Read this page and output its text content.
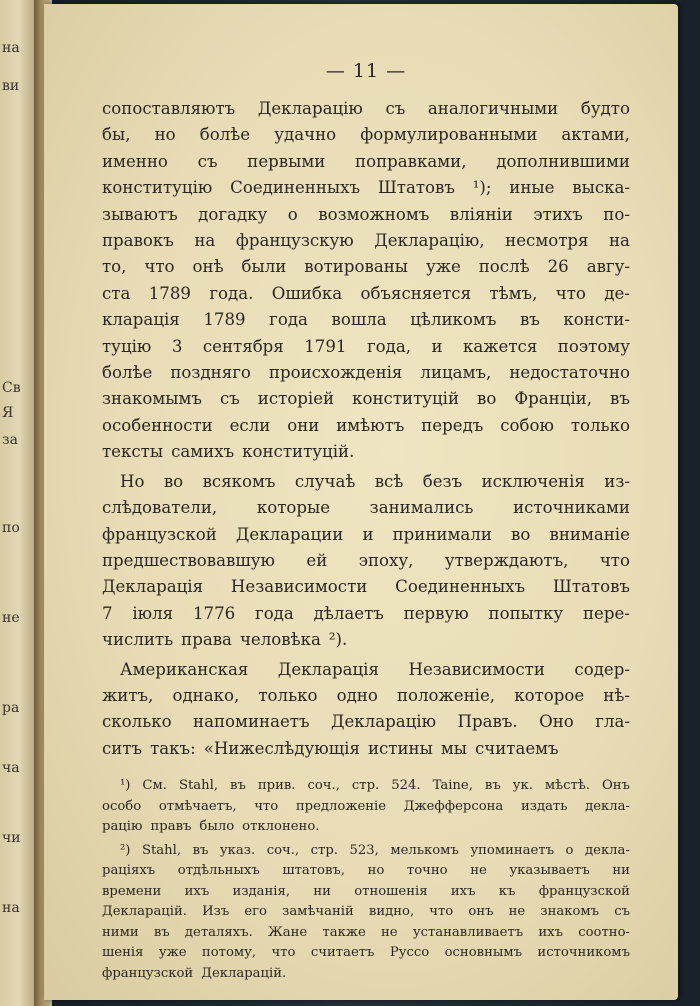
на
ви
Св
Я
за
по
не
ра
ча
чи
на
— 11 —
сопоставляютъ Декларацію съ аналогичными будто
бы, но болѣе удачно формулированными актами,
именно съ первыми поправками, дополнившими
конституцію Соединенныхъ Штатовъ ¹); иные выска-
зываютъ догадку о возможномъ вліяніи этихъ по-
правокъ на французскую Декларацію, несмотря на
то, что онѣ были вотированы уже послѣ 26 авгу-
ста 1789 года. Ошибка объясняется тѣмъ, что де-
кларація 1789 года вошла цѣликомъ въ консти-
туцію 3 сентября 1791 года, и кажется поэтому
болѣе поздняго происхожденія лицамъ, недостаточно
знакомымъ съ исторіей конституцій во Франціи, въ
особенности если они имѣютъ передъ собою только
тексты самихъ конституцій.
Но во всякомъ случаѣ всѣ безъ исключенія из-
слѣдователи, которые занимались источниками
французской Декларации и принимали во вниманіе
предшествовавшую ей эпоху, утверждаютъ, что
Декларація Независимости Соединенныхъ Штатовъ
7 іюля 1776 года дѣлаетъ первую попытку пере-
числить права человѣка ²).
Американская Декларація Независимости содер-
житъ, однако, только одно положеніе, которое нѣ-
сколько напоминаетъ Декларацію Правъ. Оно гла-
ситъ такъ: «Нижеслѣдующія истины мы считаемъ
¹) См. Stahl, въ прив. соч., стр. 524. Taine, въ ук. мѣстѣ. Онъ
особо отмѣчаетъ, что предложеніе Джефферсона издать декла-
рацію правъ было отклонено.
²) Stahl, въ указ. соч., стр. 523, мелькомъ упоминаетъ о декла-
раціяхъ отдѣльныхъ штатовъ, но точно не указываетъ ни
времени ихъ изданія, ни отношенія ихъ къ французской
Декларацій. Изъ его замѣчаній видно, что онъ не знакомъ съ
ними въ деталяхъ. Жане также не устанавливаетъ ихъ соотно-
шенія уже потому, что считаетъ Руссо основнымъ источникомъ
французской Декларацій.
